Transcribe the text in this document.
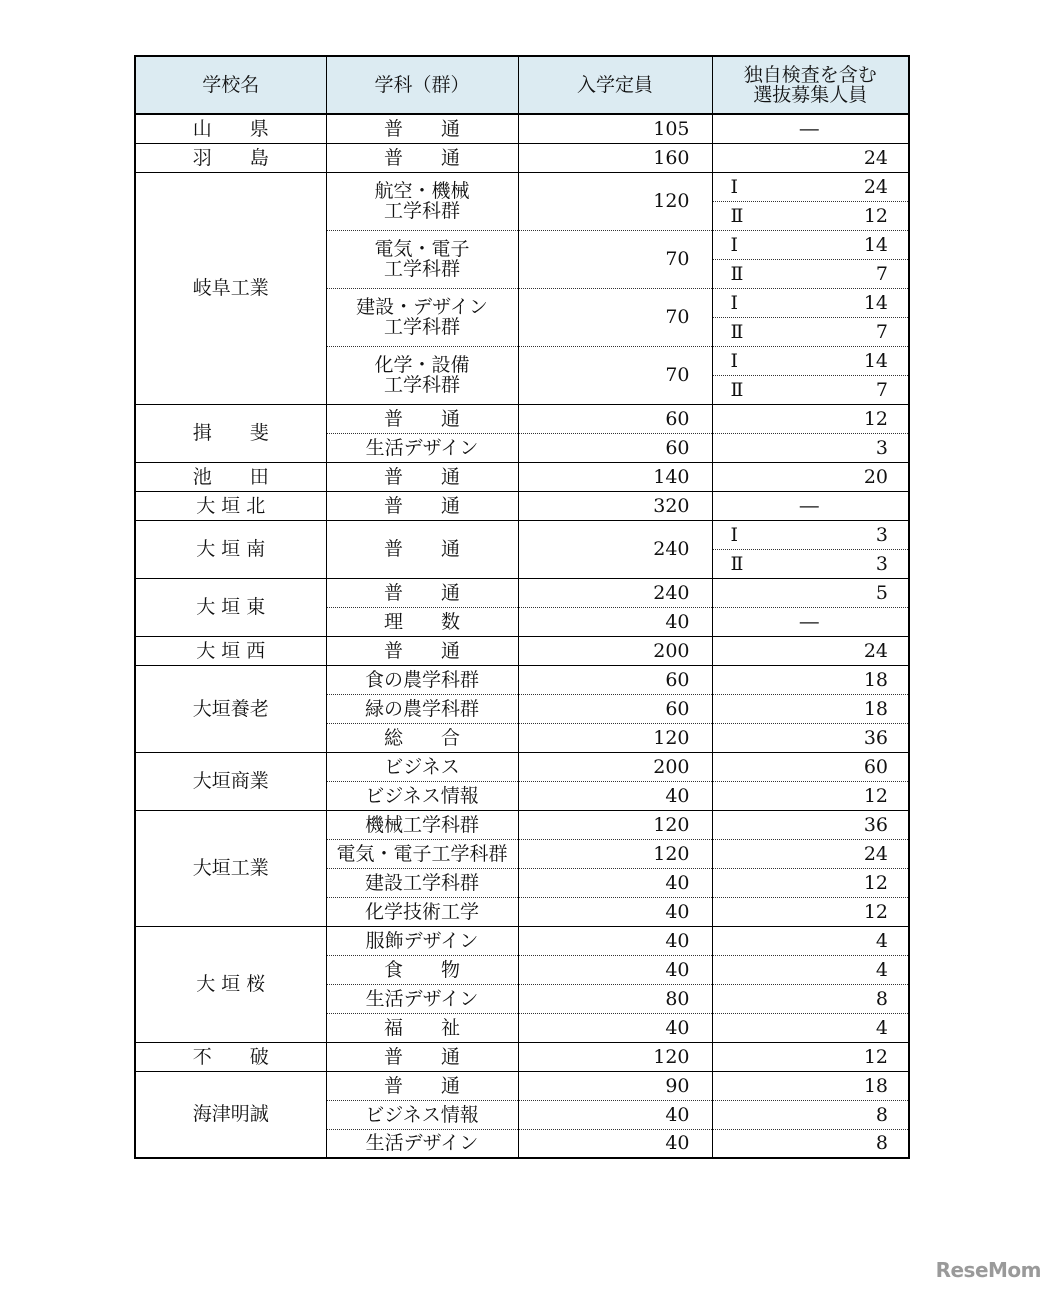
学校名	学科（群）	入学定員	独自検査を含む
選抜募集人員
山　　県	普　　通	105	―

羽　　島	普　　通	160	24

岐阜工業	航空・機械
工学科群	120	Ⅰ 24

			Ⅱ 12

	電気・電子
工学科群	70	Ⅰ 14

			Ⅱ 7

	建設・デザイン
工学科群	70	Ⅰ 14

			Ⅱ 7

	化学・設備
工学科群	70	Ⅰ 14

			Ⅱ 7

揖　　斐	普　　通	60	12

	生活デザイン	60	3

池　　田	普　　通	140	20

大 垣 北	普　　通	320	―

大 垣 南	普　　通	240	Ⅰ 3

			Ⅱ 3

大 垣 東	普　　通	240	5

	理　　数	40	―

大 垣 西	普　　通	200	24

大垣養老	食の農学科群	60	18

	緑の農学科群	60	18

	総　　合	120	36

大垣商業	ビジネス	200	60

	ビジネス情報	40	12

大垣工業	機械工学科群	120	36

	電気・電子工学科群	120	24

	建設工学科群	40	12

	化学技術工学	40	12

大 垣 桜	服飾デザイン	40	4

	食　　物	40	4

	生活デザイン	80	8

	福　　祉	40	4

不　　破	普　　通	120	12

海津明誠	普　　通	90	18

	ビジネス情報	40	8

	生活デザイン	40	8
ReseMom
